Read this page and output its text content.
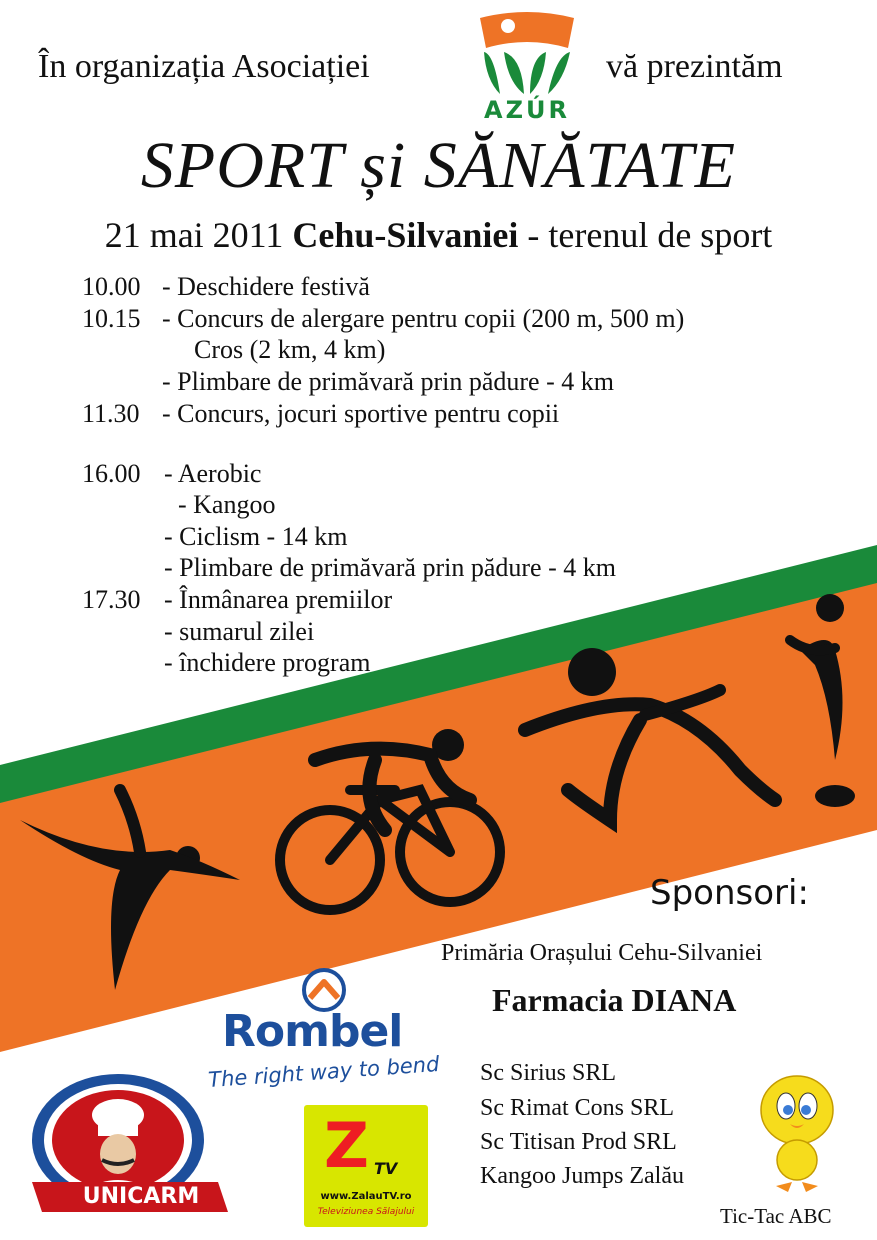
În organizația Asociației	vă prezintăm
AZÚR
SPORT și SĂNĂTATE
21 mai 2011 Cehu-Silvaniei - terenul de sport
10.00 - Deschidere festivă
10.15 - Concurs de alergare pentru copii (200 m, 500 m)
Cros (2 km, 4 km)
- Plimbare de primăvară prin pădure - 4 km
11.30 - Concurs, jocuri sportive pentru copii
16.00 - Aerobic
- Kangoo
- Ciclism - 14 km
- Plimbare de primăvară prin pădure - 4 km
17.30 - Înmânarea premiilor
- sumarul zilei
- închidere program
Sponsori:
Primăria Orașului Cehu-Silvaniei
Farmacia DIANA
Rombel
The right way to bend
UNICARM
Z TV
www.ZalauTV.ro
Televiziunea Sălajului
Sc Sirius SRL
Sc Rimat Cons SRL
Sc Titisan Prod SRL
Kangoo Jumps Zalău
Tic-Tac ABC
